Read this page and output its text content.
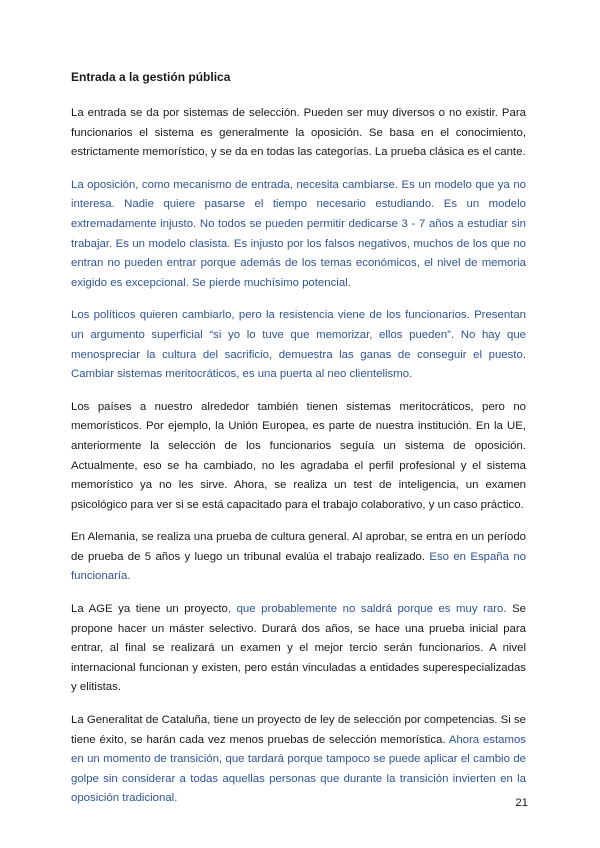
Entrada a la gestión pública

La entrada se da por sistemas de selección. Pueden ser muy diversos o no existir. Para funcionarios el sistema es generalmente la oposición. Se basa en el conocimiento, estrictamente memorístico, y se da en todas las categorías. La prueba clásica es el cante.

La oposición, como mecanismo de entrada, necesita cambiarse. Es un modelo que ya no interesa. Nadie quiere pasarse el tiempo necesario estudiando. Es un modelo extremadamente injusto. No todos se pueden permitir dedicarse 3 - 7 años a estudiar sin trabajar. Es un modelo clasista. Es injusto por los falsos negativos, muchos de los que no entran no pueden entrar porque además de los temas económicos, el nivel de memoria exigido es excepcional. Se pierde muchísimo potencial.

Los políticos quieren cambiarlo, pero la resistencia viene de los funcionarios. Presentan un argumento superficial “si yo lo tuve que memorizar, ellos pueden”. No hay que menospreciar la cultura del sacrificio, demuestra las ganas de conseguir el puesto. Cambiar sistemas meritocráticos, es una puerta al neo clientelismo.

Los países a nuestro alrededor también tienen sistemas meritocráticos, pero no memorísticos. Por ejemplo, la Unión Europea, es parte de nuestra institución. En la UE, anteriormente la selección de los funcionarios seguía un sistema de oposición. Actualmente, eso se ha cambiado, no les agradaba el perfil profesional y el sistema memorístico ya no les sirve. Ahora, se realiza un test de inteligencia, un examen psicológico para ver si se está capacitado para el trabajo colaborativo, y un caso práctico.

En Alemania, se realiza una prueba de cultura general. Al aprobar, se entra en un período de prueba de 5 años y luego un tribunal evalúa el trabajo realizado. Eso en España no funcionaría.

La AGE ya tiene un proyecto, que probablemente no saldrá porque es muy raro. Se propone hacer un máster selectivo. Durará dos años, se hace una prueba inicial para entrar, al final se realizará un examen y el mejor tercio serán funcionarios. A nivel internacional funcionan y existen, pero están vinculadas a entidades superespecializadas y elitistas.

La Generalitat de Cataluña, tiene un proyecto de ley de selección por competencias. Si se tiene éxito, se harán cada vez menos pruebas de selección memorística. Ahora estamos en un momento de transición, que tardará porque tampoco se puede aplicar el cambio de golpe sin considerar a todas aquellas personas que durante la transición invierten en la oposición tradicional.	21
